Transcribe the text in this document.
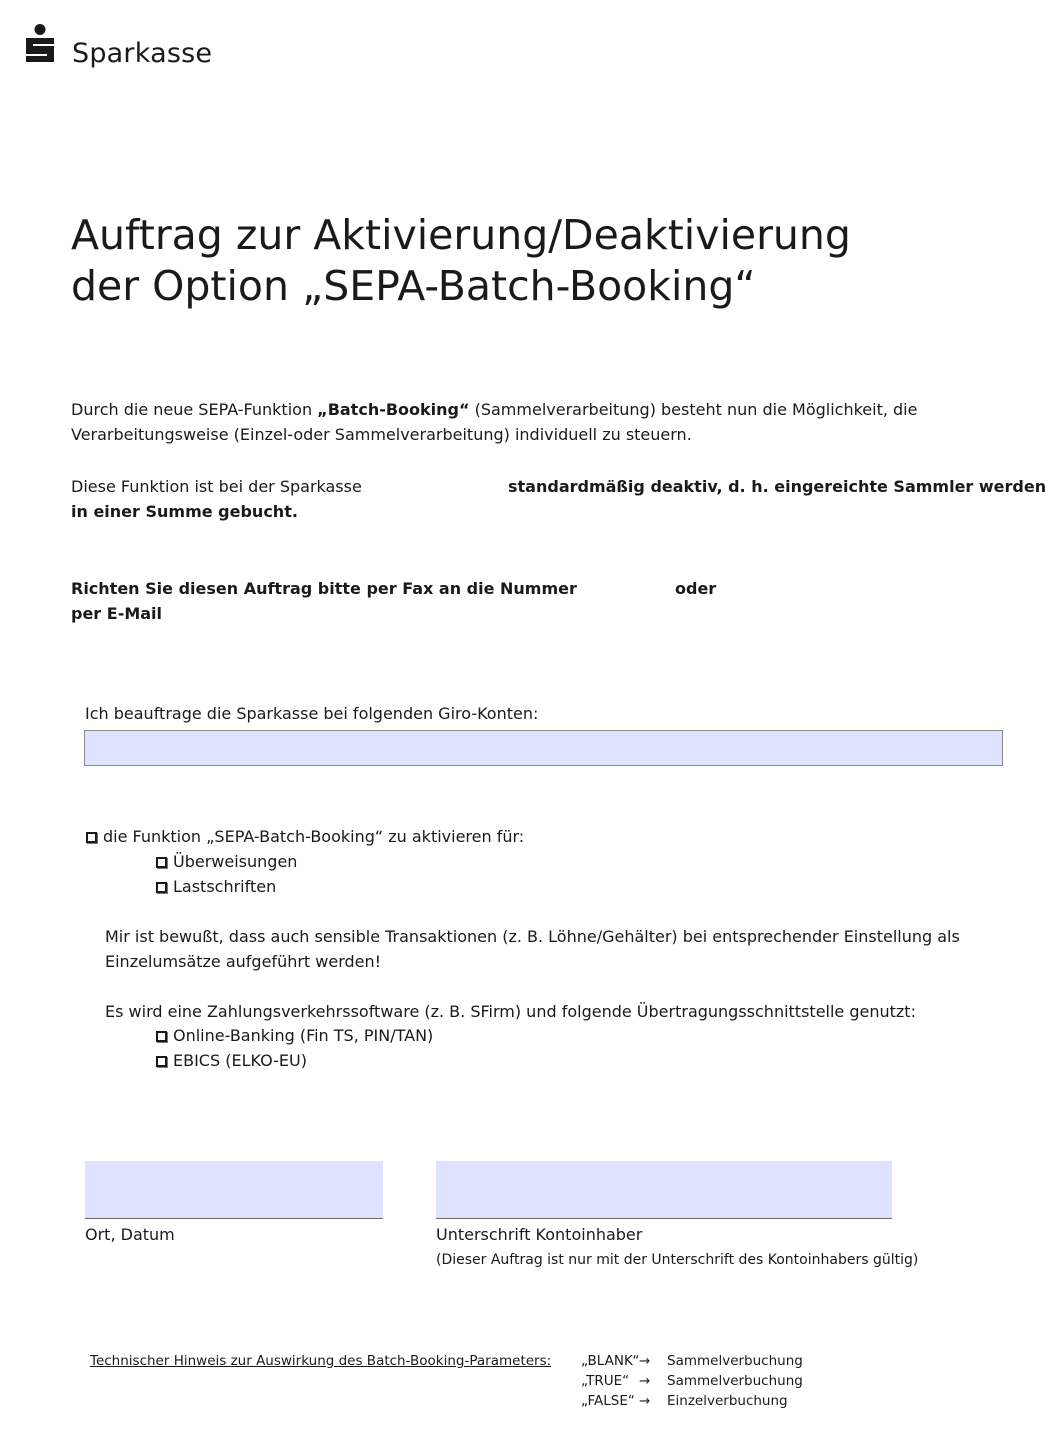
Sparkasse
Auftrag zur Aktivierung/Deaktivierung
der Option „SEPA-Batch-Booking“
Durch die neue SEPA-Funktion „Batch-Booking“ (Sammelverarbeitung) besteht nun die Möglichkeit, die
Verarbeitungsweise (Einzel-oder Sammelverarbeitung) individuell zu steuern.
Diese Funktion ist bei der Sparkasse	standardmäßig deaktiv, d. h. eingereichte Sammler werden
in einer Summe gebucht.
Richten Sie diesen Auftrag bitte per Fax an die Nummer	oder
per E-Mail
Ich beauftrage die Sparkasse bei folgenden Giro-Konten:
die Funktion „SEPA-Batch-Booking“ zu aktivieren für:
Überweisungen
Lastschriften
Mir ist bewußt, dass auch sensible Transaktionen (z. B. Löhne/Gehälter) bei entsprechender Einstellung als
Einzelumsätze aufgeführt werden!
Es wird eine Zahlungsverkehrssoftware (z. B. SFirm) und folgende Übertragungsschnittstelle genutzt:
Online-Banking (Fin TS, PIN/TAN)
EBICS (ELKO-EU)
Ort, Datum	Unterschrift Kontoinhaber
(Dieser Auftrag ist nur mit der Unterschrift des Kontoinhabers gültig)
Technischer Hinweis zur Auswirkung des Batch-Booking-Parameters: „BLANK“→ Sammelverbuchung
„TRUE“ → Sammelverbuchung
„FALSE“ → Einzelverbuchung
